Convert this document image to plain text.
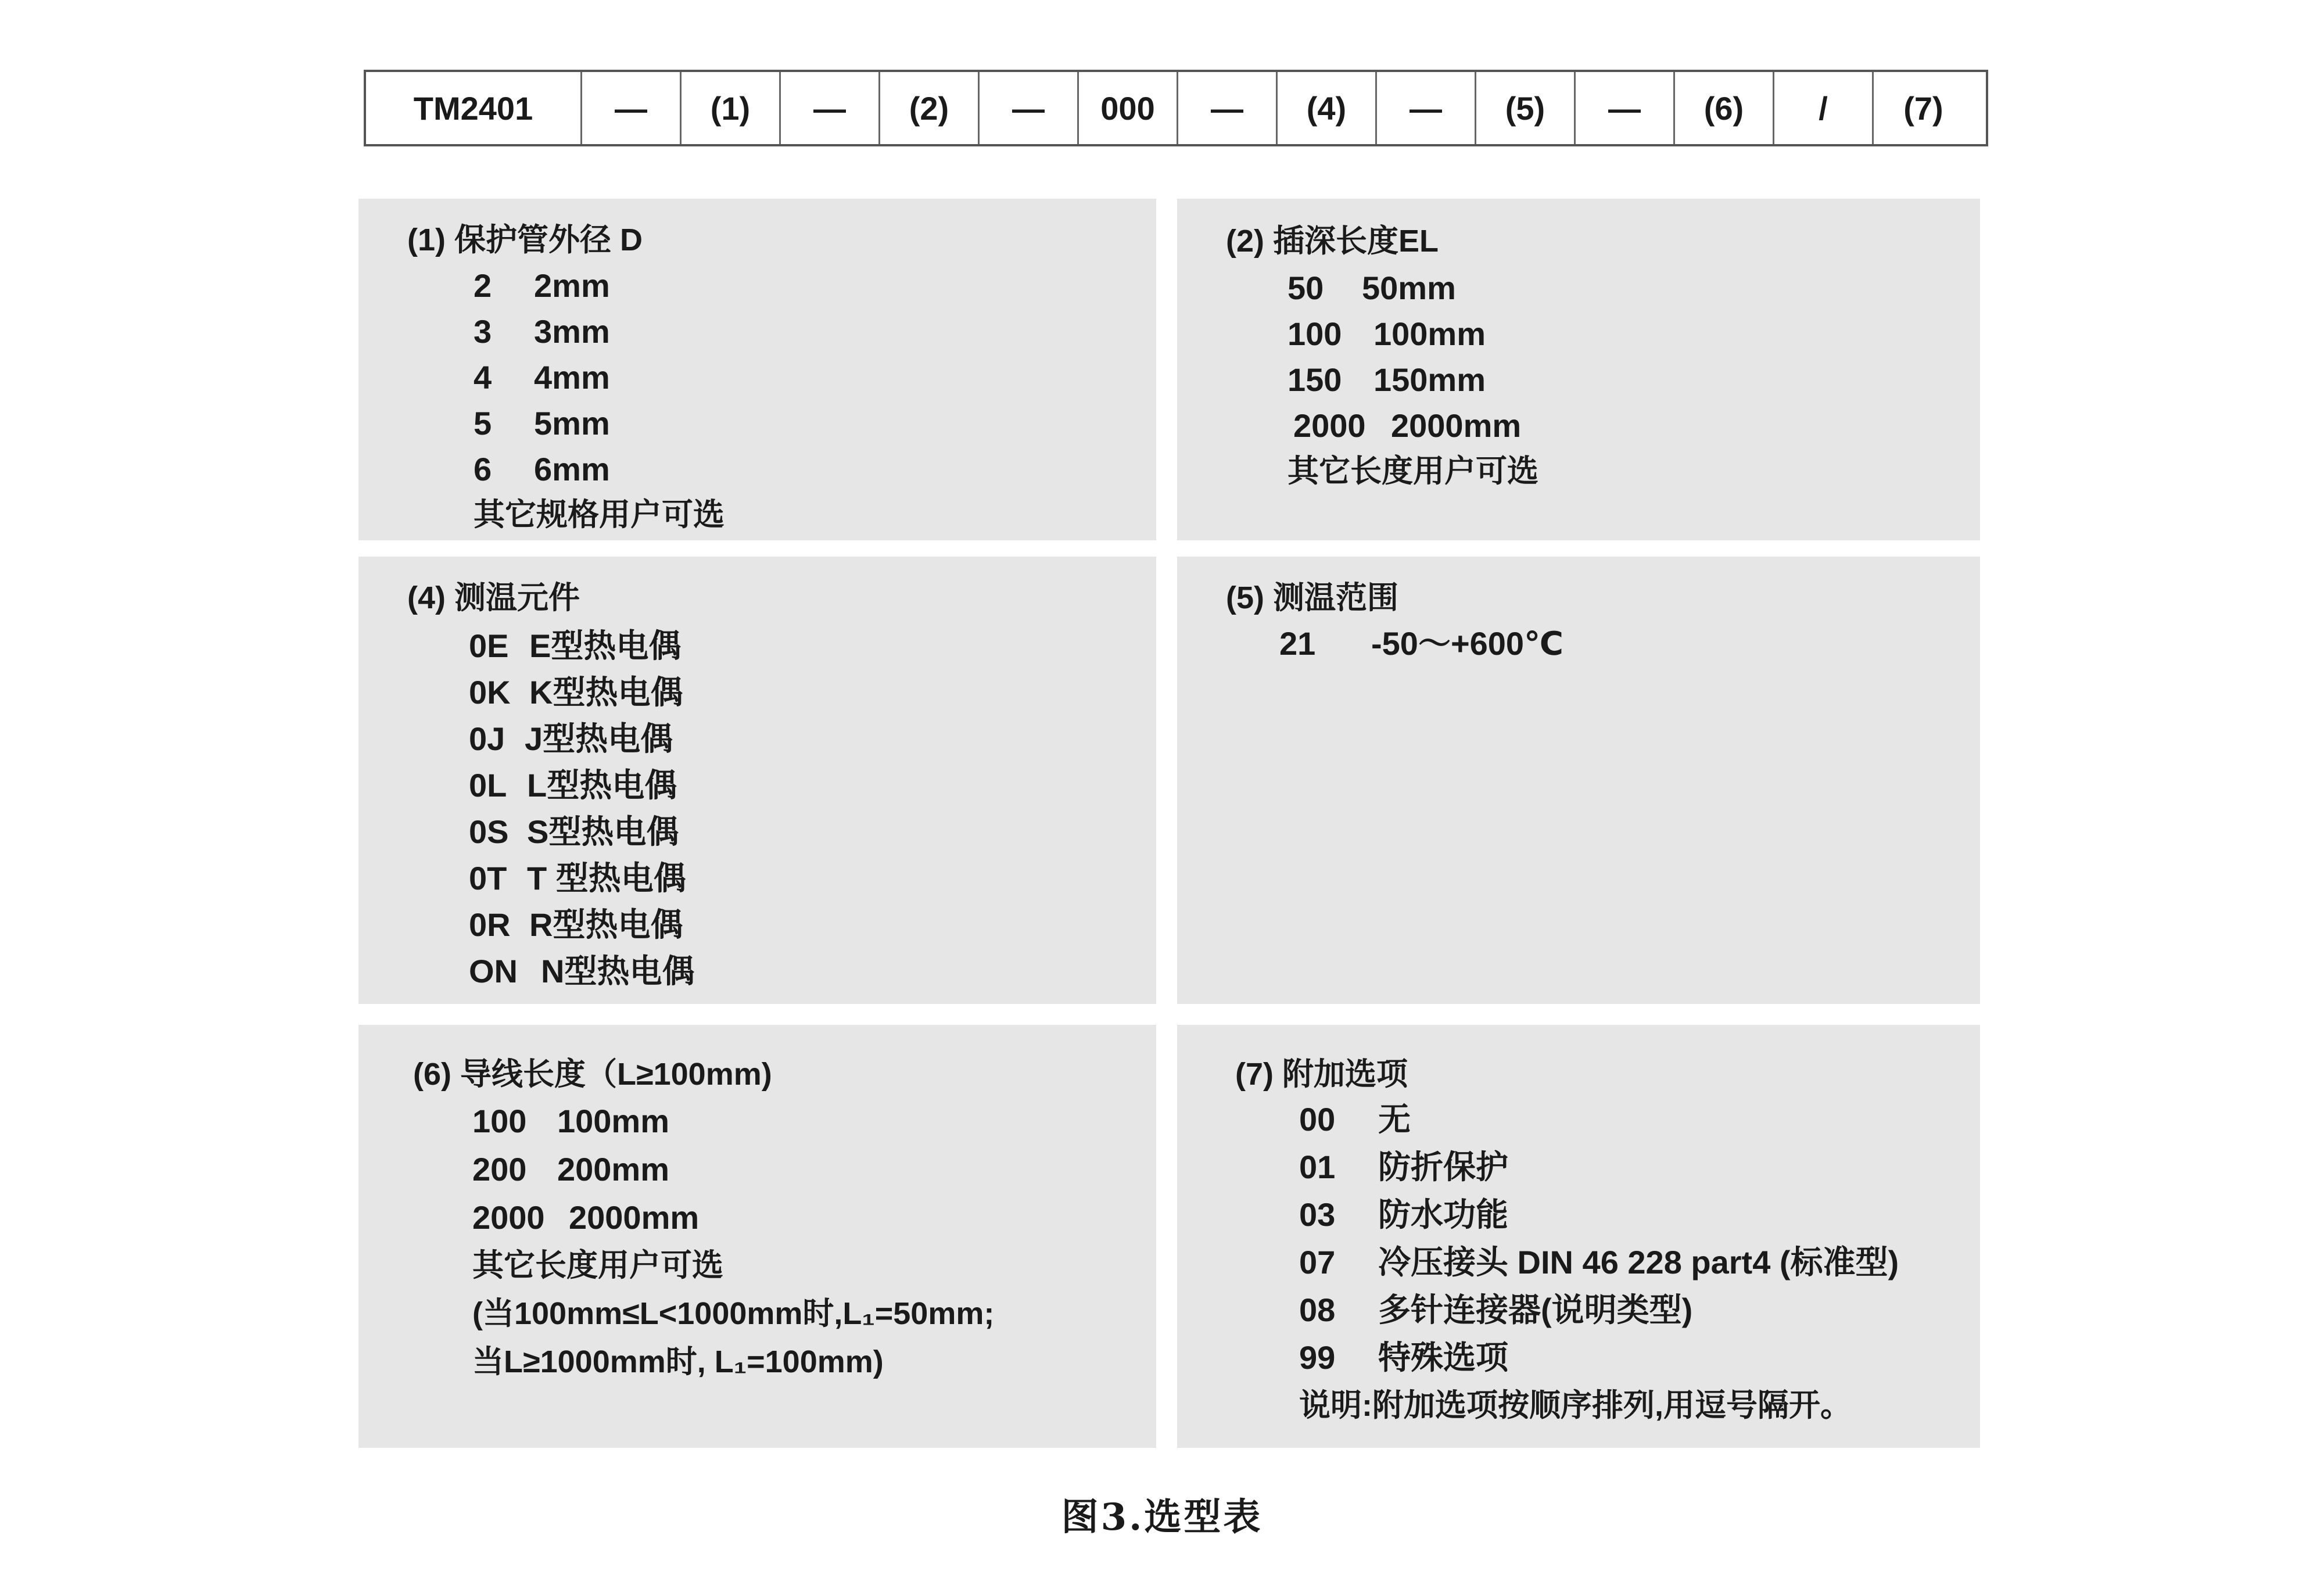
TM2401	—	(1)	—	(2)	—	000	—	(4)	—	(5)	—	(6)	/	(7)
(1) 保护管外径 D
2	2mm
3	3mm
4	4mm
5	5mm
6	6mm
其它规格用户可选
(2) 插深长度EL
50	50mm
100 100mm
150 150mm
2000 2000mm
其它长度用户可选
(4) 测温元件
0E E型热电偶
0K K型热电偶
0J J型热电偶
0L L型热电偶
0S S型热电偶
0T T 型热电偶
0R R型热电偶
ON N型热电偶
(5) 测温范围
21	-50～+600℃
(6) 导线长度（L≥100mm)
100 100mm
200 200mm
2000 2000mm
其它长度用户可选
(当100mm≤L<1000mm时,L₁=50mm;
当L≥1000mm时, L₁=100mm)
(7) 附加选项
00	无
01	防折保护
03	防水功能
07	冷压接头 DIN 46 228 part4 (标准型)
08	多针连接器(说明类型)
99	特殊选项
说明:附加选项按顺序排列,用逗号隔开。
图3.选型表
